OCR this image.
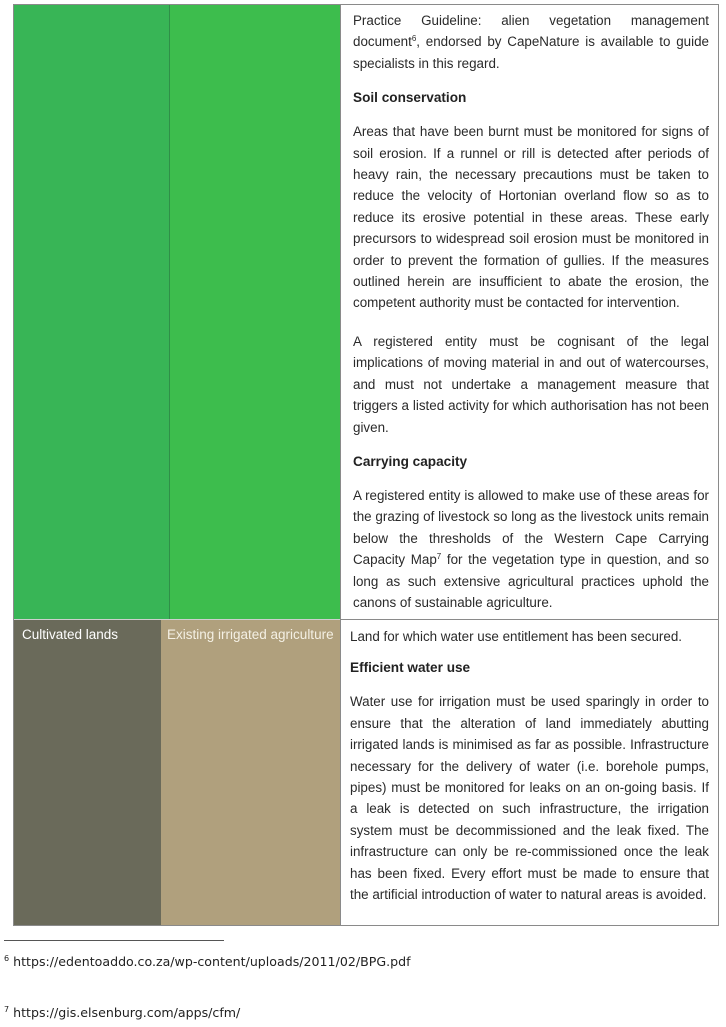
Practice Guideline: alien vegetation management document$^6$, endorsed by CapeNature is available to guide specialists in this regard.

Soil conservation

Areas that have been burnt must be monitored for signs of soil erosion. If a runnel or rill is detected after periods of heavy rain, the necessary precautions must be taken to reduce the velocity of Hortonian overland flow so as to reduce its erosive potential in these areas. These early precursors to widespread soil erosion must be monitored in order to prevent the formation of gullies. If the measures outlined herein are insufficient to abate the erosion, the competent authority must be contacted for intervention.

A registered entity must be cognisant of the legal implications of moving material in and out of watercourses, and must not undertake a management measure that triggers a listed activity for which authorisation has not been given.

Carrying capacity

A registered entity is allowed to make use of these areas for the grazing of livestock so long as the livestock units remain below the thresholds of the Western Cape Carrying Capacity Map$^7$ for the vegetation type in question, and so long as such extensive agricultural practices uphold the canons of sustainable agriculture.

Cultivated lands	Existing irrigated agriculture Land for which water use entitlement has been secured.

Efficient water use

Water use for irrigation must be used sparingly in order to ensure that the alteration of land immediately abutting irrigated lands is minimised as far as possible. Infrastructure necessary for the delivery of water (i.e. borehole pumps, pipes) must be monitored for leaks on an on-going basis. If a leak is detected on such infrastructure, the irrigation system must be decommissioned and the leak fixed. The infrastructure can only be re-commissioned once the leak has been fixed. Every effort must be made to ensure that the artificial introduction of water to natural areas is avoided.

$^6$ https://edentoaddo.co.za/wp-content/uploads/2011/02/BPG.pdf
$^7$ https://gis.elsenburg.com/apps/cfm/
